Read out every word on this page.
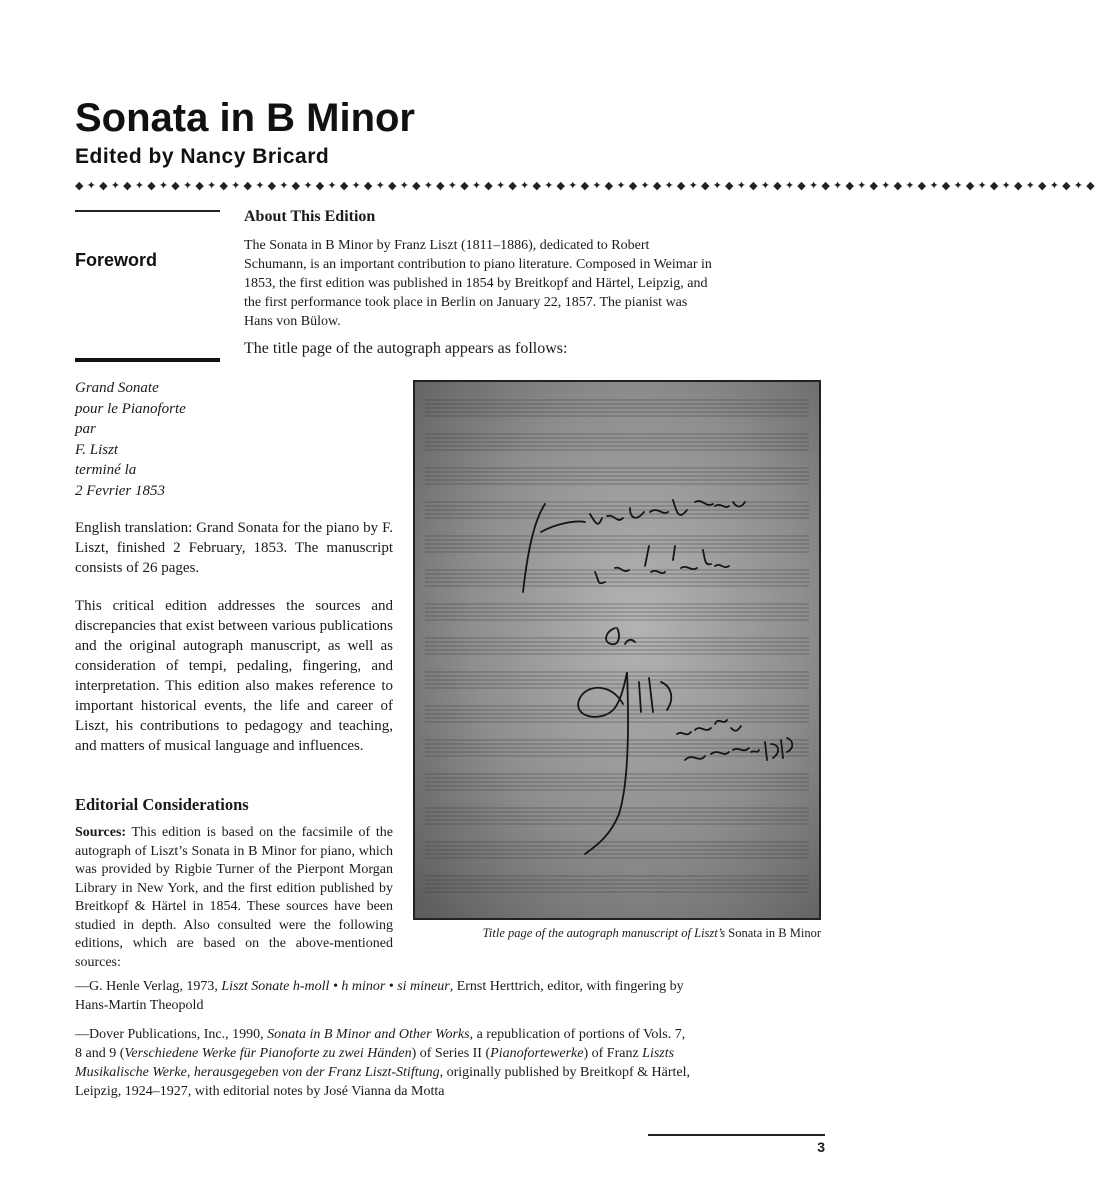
Sonata in B Minor
Edited by Nancy Bricard
◆✦◆✦◆✦◆✦◆✦◆✦◆✦◆✦◆✦◆✦◆✦◆✦◆✦◆✦◆✦◆✦◆✦◆✦◆✦◆✦◆✦◆✦◆✦◆✦◆✦◆✦◆✦◆✦◆✦◆✦◆✦◆✦◆✦◆✦◆✦◆✦◆✦◆✦◆✦◆✦◆✦◆✦◆
Foreword
About This Edition
The Sonata in B Minor by Franz Liszt (1811–1886), dedicated to Robert Schumann, is an important contribution to piano literature. Composed in Weimar in 1853, the first edition was published in 1854 by Breitkopf and Härtel, Leipzig, and the first performance took place in Berlin on January 22, 1857. The pianist was Hans von Bülow.
The title page of the autograph appears as follows:
Grand Sonate
pour le Pianoforte
par
F. Liszt
terminé la
2 Fevrier 1853
English translation: Grand Sonata for the piano by F. Liszt, finished 2 February, 1853. The manuscript consists of 26 pages.
This critical edition addresses the sources and discrepancies that exist between various publications and the original autograph manuscript, as well as consideration of tempi, pedaling, fingering, and interpretation. This edition also makes reference to important historical events, the life and career of Liszt, his contributions to pedagogy and teaching, and matters of musical language and influences.
Editorial Considerations
Sources: This edition is based on the facsimile of the autograph of Liszt’s Sonata in B Minor for piano, which was provided by Rigbie Turner of the Pierpont Morgan Library in New York, and the first edition published by Breitkopf & Härtel in 1854. These sources have been studied in depth. Also consulted were the following editions, which are based on the above-mentioned sources:
—G. Henle Verlag, 1973, Liszt Sonate h-moll • h minor • si mineur, Ernst Herttrich, editor, with fingering by Hans-Martin Theopold
—Dover Publications, Inc., 1990, Sonata in B Minor and Other Works, a republication of portions of Vols. 7, 8 and 9 (Verschiedene Werke für Pianoforte zu zwei Händen) of Series II (Pianofortewerke) of Franz Liszts Musikalische Werke, herausgegeben von der Franz Liszt-Stiftung, originally published by Breitkopf & Härtel, Leipzig, 1924–1927, with editorial notes by José Vianna da Motta
Title page of the autograph manuscript of Liszt’s Sonata in B Minor
3
